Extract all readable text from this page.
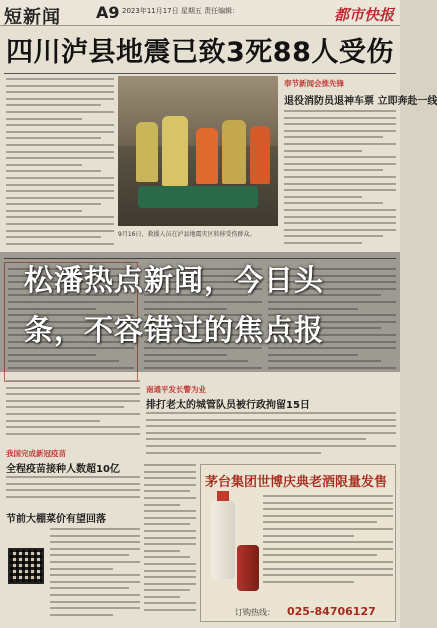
短新闻 A9 2023年11月17日 星期五 责任编辑：	都市快报
四川泸县地震已致3死88人受伤
9月16日，救援人员在泸县地震灾区转移受伤群众。
奉节新闻会推先锋
退役消防员退神车票 立即奔赴一线
松潘热点新闻，今日头
条，不容错过的焦点报
南通平发长警为业
排打老太的城管队员被行政拘留15日
我国完成新冠疫苗
全程疫苗接种人数超10亿
节前大棚菜价有望回落
茅台集团世博庆典老酒限量发售
订购热线： 025-84706127
